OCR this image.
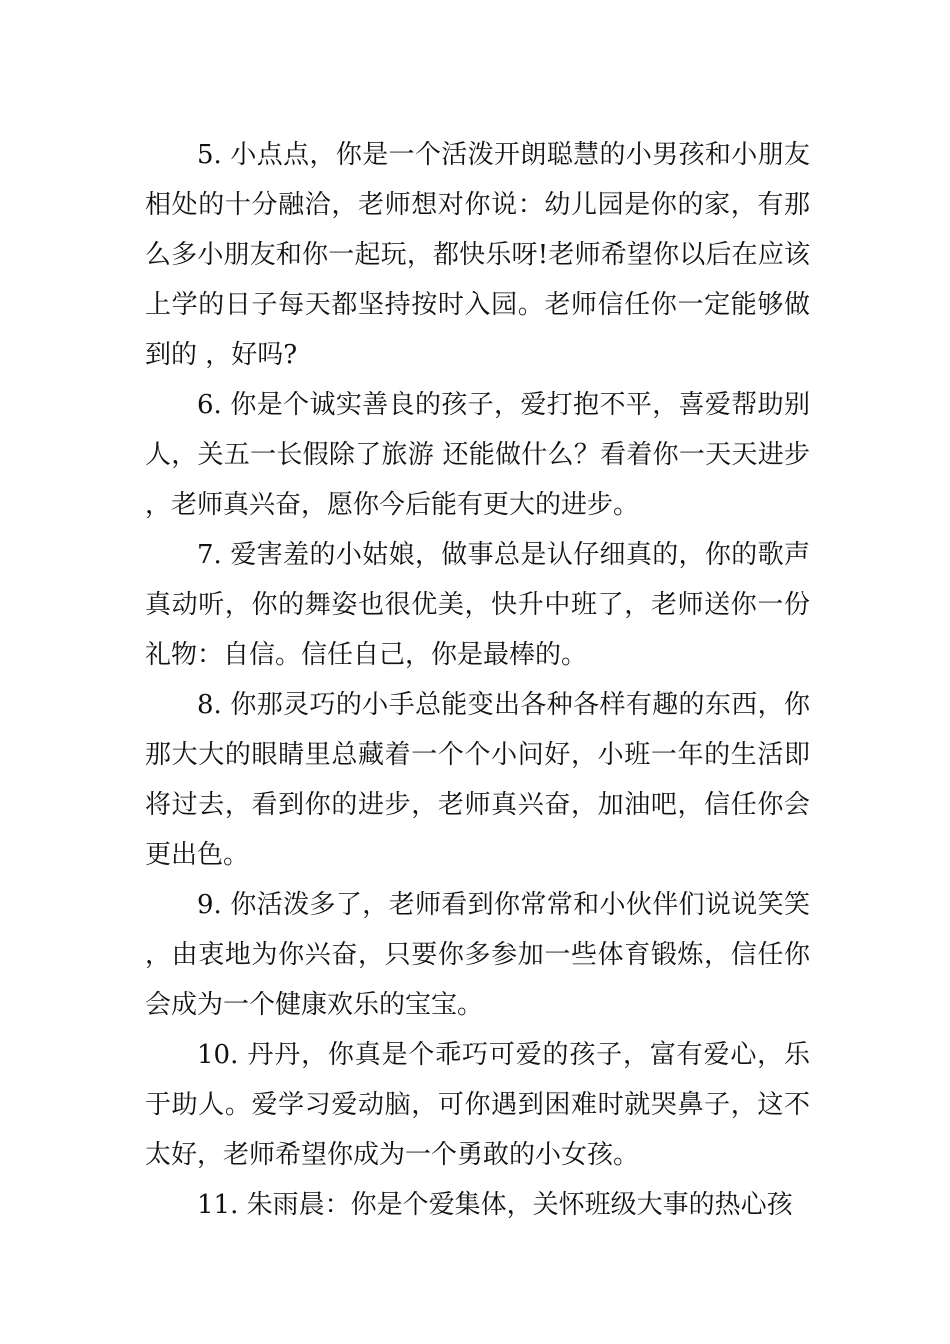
5. 小点点，你是一个活泼开朗聪慧的小男孩和小朋友相处的十分融洽，老师想对你说：幼儿园是你的家，有那么多小朋友和你一起玩，都快乐呀!老师希望你以后在应该上学的日子每天都坚持按时入园。老师信任你一定能够做到的 ，好吗?

6. 你是个诚实善良的孩子，爱打抱不平，喜爱帮助别人，关五一长假除了旅游 还能做什么？看着你一天天进步，老师真兴奋，愿你今后能有更大的进步。

7. 爱害羞的小姑娘，做事总是认仔细真的，你的歌声真动听，你的舞姿也很优美，快升中班了，老师送你一份礼物：自信。信任自己，你是最棒的。

8. 你那灵巧的小手总能变出各种各样有趣的东西，你那大大的眼睛里总藏着一个个小问好，小班一年的生活即将过去，看到你的进步，老师真兴奋，加油吧，信任你会更出色。

9. 你活泼多了，老师看到你常常和小伙伴们说说笑笑，由衷地为你兴奋，只要你多参加一些体育锻炼，信任你会成为一个健康欢乐的宝宝。

10. 丹丹，你真是个乖巧可爱的孩子，富有爱心，乐于助人。爱学习爱动脑，可你遇到困难时就哭鼻子，这不太好，老师希望你成为一个勇敢的小女孩。

11. 朱雨晨：你是个爱集体，关怀班级大事的热心孩
